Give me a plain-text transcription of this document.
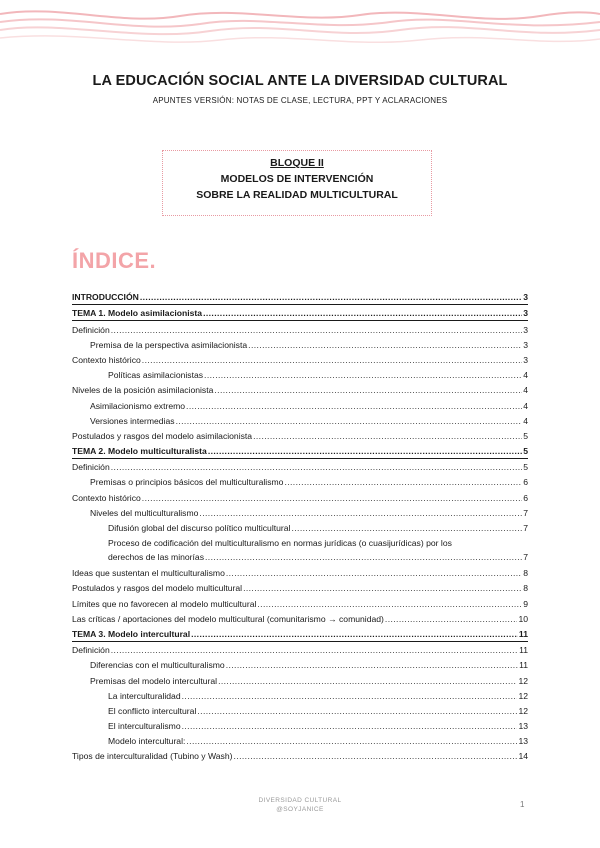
LA EDUCACIÓN SOCIAL ANTE LA DIVERSIDAD CULTURAL
APUNTES VERSIÓN: NOTAS DE CLASE, LECTURA, PPT Y ACLARACIONES
BLOQUE II
MODELOS DE INTERVENCIÓN
SOBRE LA REALIDAD MULTICULTURAL
ÍNDICE.
INTRODUCCIÓN .....	3
TEMA 1. Modelo asimilacionista .....	3
Definición .....	3
Premisa de la perspectiva asimilacionista .....	3
Contexto histórico .....	3
Políticas asimilacionistas .....	4
Niveles de la posición asimilacionista .....	4
Asimilacionismo extremo .....	4
Versiones intermedias .....	4
Postulados y rasgos del modelo asimilacionista .....	5
TEMA 2. Modelo multiculturalista .....	5
Definición .....	5
Premisas o principios básicos del multiculturalismo .....	6
Contexto histórico .....	6
Niveles del multiculturalismo .....	7
Difusión global del discurso político multicultural .....	7
Proceso de codificación del multiculturalismo en normas jurídicas (o cuasijurídicas) por los
derechos de las minorías .....	7
Ideas que sustentan el multiculturalismo .....	8
Postulados y rasgos del modelo multicultural .....	8
Límites que no favorecen al modelo multicultural .....	9
Las críticas / aportaciones del modelo multicultural (comunitarismo → comunidad) .....	10
TEMA 3. Modelo intercultural .....	11
Definición .....	11
Diferencias con el multiculturalismo .....	11
Premisas del modelo intercultural .....	12
La interculturalidad .....	12
El conflicto intercultural .....	12
El interculturalismo .....	13
Modelo intercultural: .....	13
Tipos de interculturalidad (Tubino y Wash) .....	14
DIVERSIDAD CULTURAL
@SOYJANICE
1
